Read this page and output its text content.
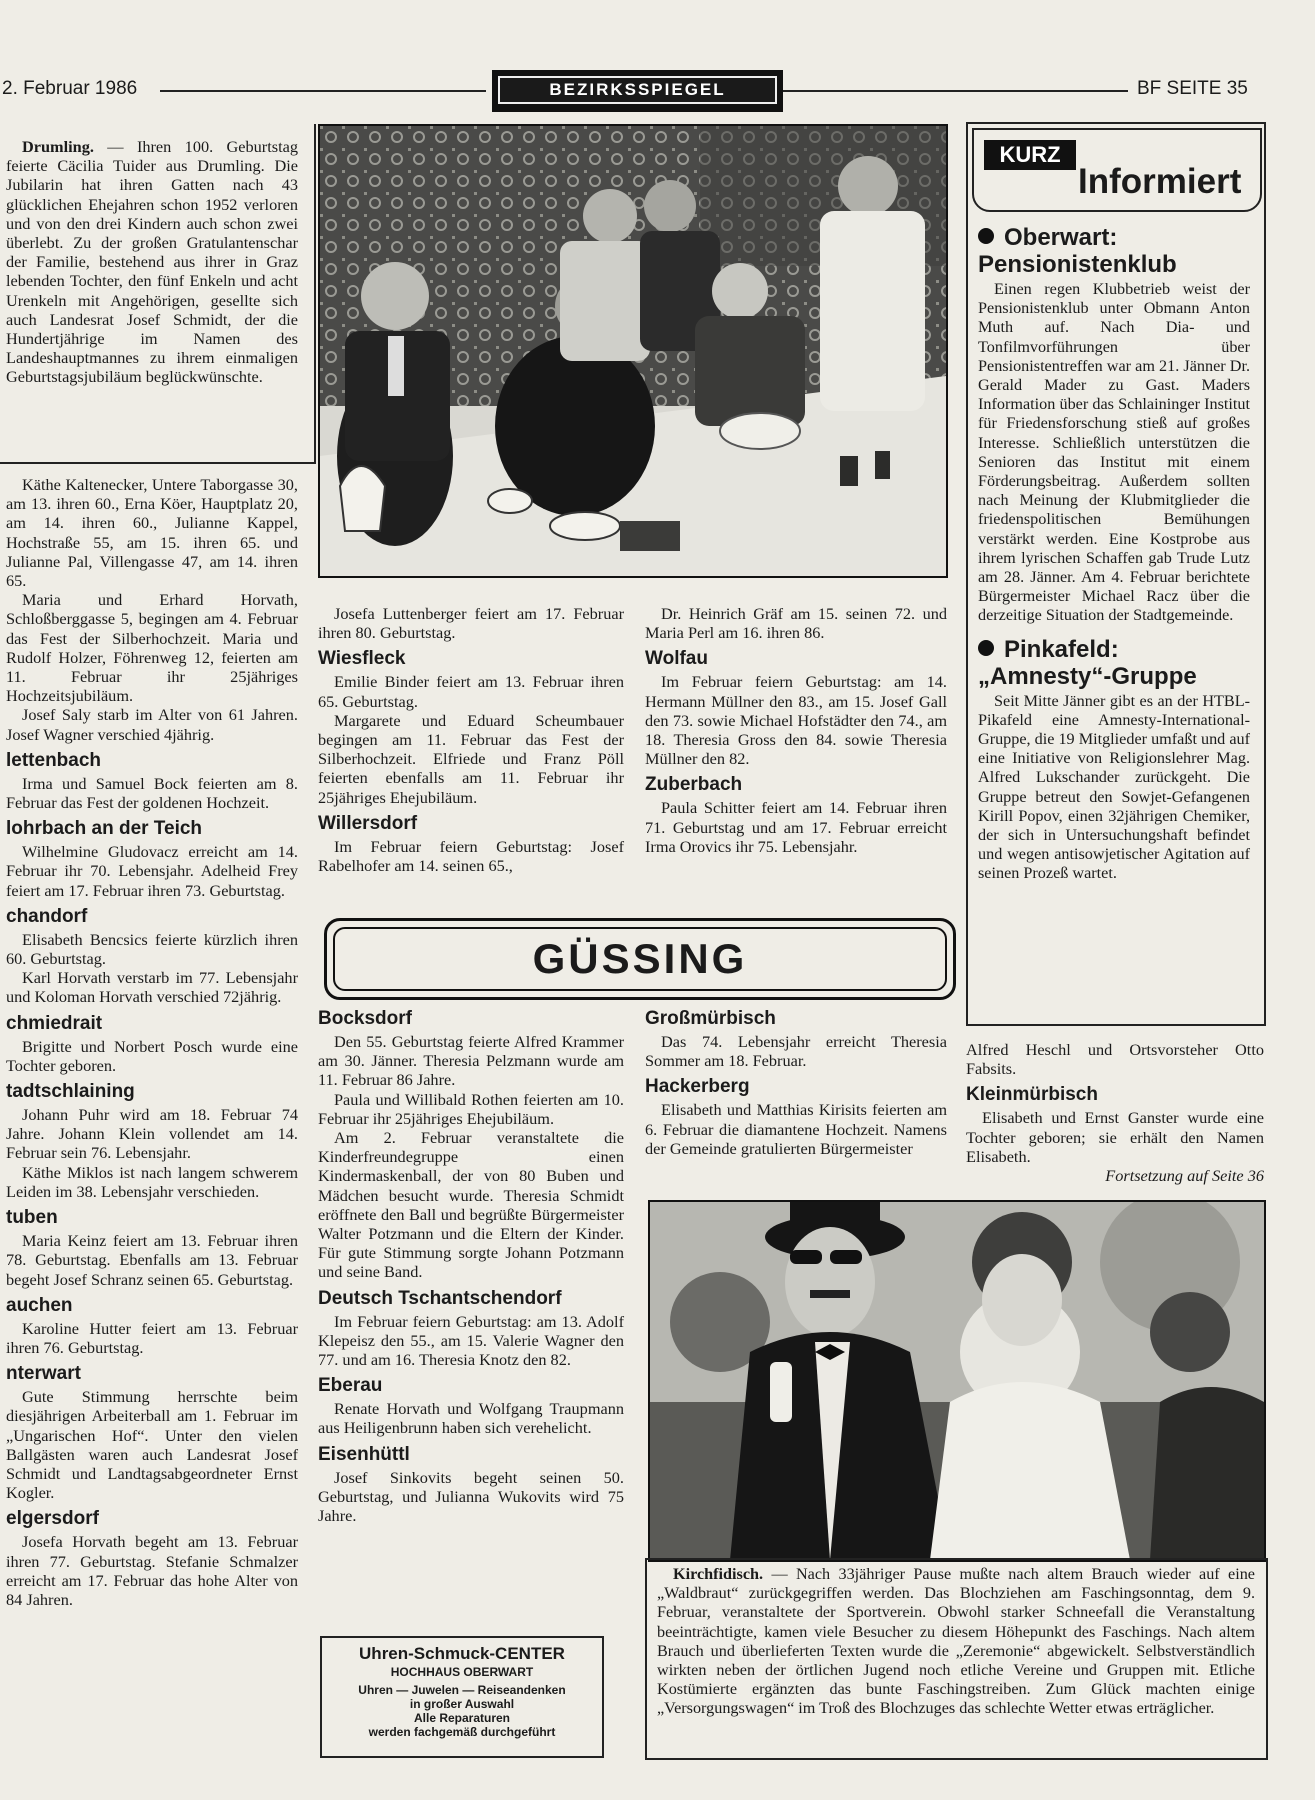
2. Februar 1986	BEZIRKSSPIEGEL	BF SEITE 35

Drumling. — Ihren 100. Geburtstag feierte Cäcilia Tuider aus Drumling. Die Jubilarin hat ihren Gatten nach 43 glücklichen Ehejahren schon 1952 verloren und von den drei Kindern auch schon zwei überlebt. Zu der großen Gratulantenschar der Familie, bestehend aus ihrer in Graz lebenden Tochter, den fünf Enkeln und acht Urenkeln mit Angehörigen, gesellte sich auch Landesrat Josef Schmidt, der die Hundertjährige im Namen des Landeshauptmannes zu ihrem einmaligen Geburtstagsjubiläum beglückwünschte.

Käthe Kaltenecker, Untere Taborgasse 30, am 13. ihren 60., Erna Köer, Hauptplatz 20, am 14. ihren 60., Julianne Kappel, Hochstraße 55, am 15. ihren 65. und Julianne Pal, Villengasse 47, am 14. ihren 65.

Maria und Erhard Horvath, Schloßberggasse 5, begingen am 4. Februar das Fest der Silberhochzeit. Maria und Rudolf Holzer, Föhrenweg 12, feierten am 11. Februar ihr 25jähriges Hochzeitsjubiläum.

Josef Saly starb im Alter von 61 Jahren. Josef Wagner verschied 4jährig.

lettenbach

Irma und Samuel Bock feierten am 8. Februar das Fest der goldenen Hochzeit.

lohrbach an der Teich

Wilhelmine Gludovacz erreicht am 14. Februar ihr 70. Lebensjahr. Adelheid Frey feiert am 17. Februar ihren 73. Geburtstag.

chandorf

Elisabeth Bencsics feierte kürzlich ihren 60. Geburtstag.

Karl Horvath verstarb im 77. Lebensjahr und Koloman Horvath verschied 72jährig.

chmiedrait

Brigitte und Norbert Posch wurde eine Tochter geboren.

tadtschlaining

Johann Puhr wird am 18. Februar 74 Jahre. Johann Klein vollendet am 14. Februar sein 76. Lebensjahr.

Käthe Miklos ist nach langem schwerem Leiden im 38. Lebensjahr verschieden.

tuben

Maria Keinz feiert am 13. Februar ihren 78. Geburtstag. Ebenfalls am 13. Februar begeht Josef Schranz seinen 65. Geburtstag.

auchen

Karoline Hutter feiert am 13. Februar ihren 76. Geburtstag.

nterwart

Gute Stimmung herrschte beim diesjährigen Arbeiterball am 1. Februar im „Ungarischen Hof“. Unter den vielen Ballgästen waren auch Landesrat Josef Schmidt und Landtagsabgeordneter Ernst Kogler.

elgersdorf

Josefa Horvath begeht am 13. Februar ihren 77. Geburtstag. Stefanie Schmalzer erreicht am 17. Februar das hohe Alter von 84 Jahren.

Josefa Luttenberger feiert am 17. Februar ihren 80. Geburtstag.

Wiesfleck

Emilie Binder feiert am 13. Februar ihren 65. Geburtstag.

Margarete und Eduard Scheumbauer begingen am 11. Februar das Fest der Silberhochzeit. Elfriede und Franz Pöll feierten ebenfalls am 11. Februar ihr 25jähriges Ehejubiläum.

Willersdorf

Im Februar feiern Geburtstag: Josef Rabelhofer am 14. seinen 65.,

Dr. Heinrich Gräf am 15. seinen 72. und Maria Perl am 16. ihren 86.

Wolfau

Im Februar feiern Geburtstag: am 14. Hermann Müllner den 83., am 15. Josef Gall den 73. sowie Michael Hofstädter den 74., am 18. Theresia Gross den 84. sowie Theresia Müllner den 82.

Zuberbach

Paula Schitter feiert am 14. Februar ihren 71. Geburtstag und am 17. Februar erreicht Irma Orovics ihr 75. Lebensjahr.

KURZ
Informiert
Oberwart:
Pensionistenklub

Einen regen Klubbetrieb weist der Pensionistenklub unter Obmann Anton Muth auf. Nach Dia- und Tonfilmvorführungen über Pensionistentreffen war am 21. Jänner Dr. Gerald Mader zu Gast. Maders Information über das Schlaininger Institut für Friedensforschung stieß auf großes Interesse. Schließlich unterstützen die Senioren das Institut mit einem Förderungsbeitrag. Außerdem sollten nach Meinung der Klubmitglieder die friedenspolitischen Bemühungen verstärkt werden. Eine Kostprobe aus ihrem lyrischen Schaffen gab Trude Lutz am 28. Jänner. Am 4. Februar berichtete Bürgermeister Michael Racz über die derzeitige Situation der Stadtgemeinde.

Pinkafeld:
„Amnesty“-Gruppe

Seit Mitte Jänner gibt es an der HTBL-Pikafeld eine Amnesty-International-Gruppe, die 19 Mitglieder umfaßt und auf eine Initiative von Religionslehrer Mag. Alfred Lukschander zurückgeht. Die Gruppe betreut den Sowjet-Gefangenen Kirill Popov, einen 32jährigen Chemiker, der sich in Untersuchungshaft befindet und wegen antisowjetischer Agitation auf seinen Prozeß wartet.

GÜSSING
Bocksdorf

Den 55. Geburtstag feierte Alfred Krammer am 30. Jänner. Theresia Pelzmann wurde am 11. Februar 86 Jahre.

Paula und Willibald Rothen feierten am 10. Februar ihr 25jähriges Ehejubiläum.

Am 2. Februar veranstaltete die Kinderfreundegruppe einen Kindermaskenball, der von 80 Buben und Mädchen besucht wurde. Theresia Schmidt eröffnete den Ball und begrüßte Bürgermeister Walter Potzmann und die Eltern der Kinder. Für gute Stimmung sorgte Johann Potzmann und seine Band.

Deutsch Tschantschendorf

Im Februar feiern Geburtstag: am 13. Adolf Klepeisz den 55., am 15. Valerie Wagner den 77. und am 16. Theresia Knotz den 82.

Eberau

Renate Horvath und Wolfgang Traupmann aus Heiligenbrunn haben sich verehelicht.

Eisenhüttl

Josef Sinkovits begeht seinen 50. Geburtstag, und Julianna Wukovits wird 75 Jahre.

Uhren-Schmuck-CENTER
HOCHHAUS OBERWART
Uhren — Juwelen — Reiseandenken
in großer Auswahl
Alle Reparaturen
werden fachgemäß durchgeführt
Großmürbisch

Das 74. Lebensjahr erreicht Theresia Sommer am 18. Februar.

Hackerberg

Elisabeth und Matthias Kirisits feierten am 6. Februar die diamantene Hochzeit. Namens der Gemeinde gratulierten Bürgermeister

Alfred Heschl und Ortsvorsteher Otto Fabsits.

Kleinmürbisch

Elisabeth und Ernst Ganster wurde eine Tochter geboren; sie erhält den Namen Elisabeth.

Fortsetzung auf Seite 36

Kirchfidisch. — Nach 33jähriger Pause mußte nach altem Brauch wieder auf eine „Waldbraut“ zurückgegriffen werden. Das Blochziehen am Faschingsonntag, dem 9. Februar, veranstaltete der Sportverein. Obwohl starker Schneefall die Veranstaltung beeinträchtigte, kamen viele Besucher zu diesem Höhepunkt des Faschings. Nach altem Brauch und überlieferten Texten wurde die „Zeremonie“ abgewickelt. Selbstverständlich wirkten neben der örtlichen Jugend noch etliche Vereine und Gruppen mit. Etliche Kostümierte ergänzten das bunte Faschingstreiben. Zum Glück machten einige „Versorgungswagen“ im Troß des Blochzuges das schlechte Wetter etwas erträglicher.
